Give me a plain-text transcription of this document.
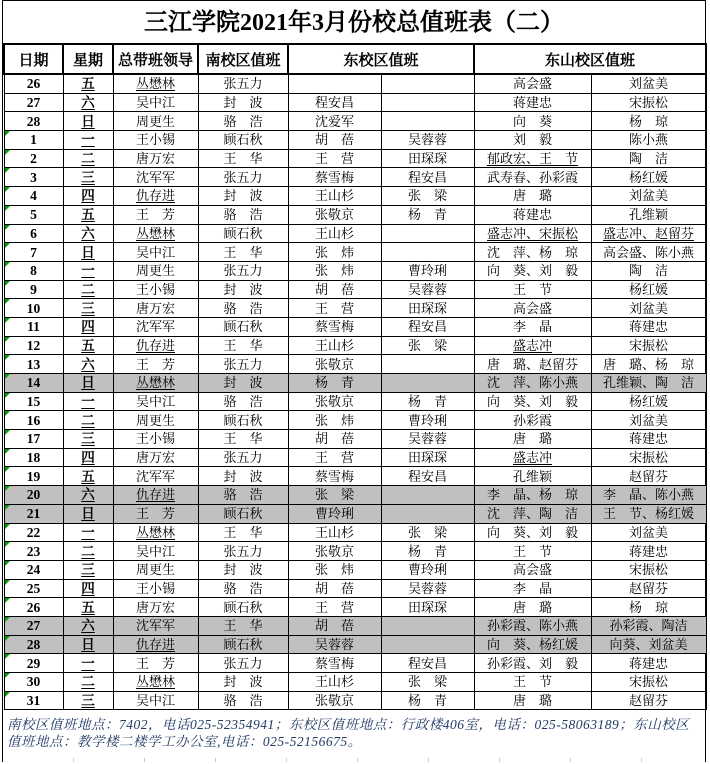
三江学院2021年3月份校总值班表（二）
日期	星期	总带班领导	南校区值班	东校区值班		东山校区值班	
26	五	丛懋林	张五力			高会盛	刘盆美
27	六	吴中江	封　波	程安昌		蒋建忠	宋振松
28	日	周更生	骆　浩	沈爱军		向　葵	杨　琼
1	一	王小锡	顾石秋	胡　蓓	吴蓉蓉	刘　毅	陈小燕
2	二	唐万宏	王　华	王　营	田琛琛	郁政宏、王　节	陶　洁
3	三	沈军军	张五力	蔡雪梅	程安昌	武寿春、孙彩霞	杨红媛
4	四	仇存进	封　波	王山杉	张　梁	唐　璐	刘盆美
5	五	王　芳	骆　浩	张敬京	杨　青	蒋建忠	孔维颖
6	六	丛懋林	顾石秋	王山杉		盛志冲、宋振松	盛志冲、赵留芬
7	日	吴中江	王　华	张　炜		沈　萍、杨　琼	高会盛、陈小燕
8	一	周更生	张五力	张　炜	曹玲琍	向　葵、刘　毅	陶　洁
9	二	王小锡	封　波	胡　蓓	吴蓉蓉	王　节	杨红媛
10	三	唐万宏	骆　浩	王　营	田琛琛	高会盛	刘盆美
11	四	沈军军	顾石秋	蔡雪梅	程安昌	李　晶	蒋建忠
12	五	仇存进	王　华	王山杉	张　梁	盛志冲	宋振松
13	六	王　芳	张五力	张敬京		唐　璐、赵留芬	唐　璐、杨　琼
14	日	丛懋林	封　波	杨　青		沈　萍、陈小燕	孔维颖、陶　洁
15	一	吴中江	骆　浩	张敬京	杨　青	向　葵、刘　毅	杨红媛
16	二	周更生	顾石秋	张　炜	曹玲琍	孙彩霞	刘盆美
17	三	王小锡	王　华	胡　蓓	吴蓉蓉	唐　璐	蒋建忠
18	四	唐万宏	张五力	王　营	田琛琛	盛志冲	宋振松
19	五	沈军军	封　波	蔡雪梅	程安昌	孔维颖	赵留芬
20	六	仇存进	骆　浩	张　梁		李　晶、杨　琼	李　晶、陈小燕
21	日	王　芳	顾石秋	曹玲琍		沈　萍、陶　洁	王　节、杨红媛
22	一	丛懋林	王　华	王山杉	张　梁	向　葵、刘　毅	刘盆美
23	二	吴中江	张五力	张敬京	杨　青	王　节	蒋建忠
24	三	周更生	封　波	张　炜	曹玲琍	高会盛	宋振松
25	四	王小锡	骆　浩	胡　蓓	吴蓉蓉	李　晶	赵留芬
26	五	唐万宏	顾石秋	王　营	田琛琛	唐　璐	杨　琼
27	六	沈军军	王　华	胡　蓓		孙彩霞、陈小燕	孙彩霞、陶洁
28	日	仇存进	顾石秋	吴蓉蓉		向　葵、杨红媛	向葵、刘盆美
29	一	王　芳	张五力	蔡雪梅	程安昌	孙彩霞、刘　毅	蒋建忠
30	二	丛懋林	封　波	王山杉	张　梁	王　节	宋振松
31	三	吴中江	骆　浩	张敬京	杨　青	唐　璐	赵留芬
南校区值班地点：7402，电话025-52354941；东校区值班地点：行政楼406室，电话：025-58063189；东山校区
值班地点：教学楼二楼学工办公室,电话：025-52156675。
